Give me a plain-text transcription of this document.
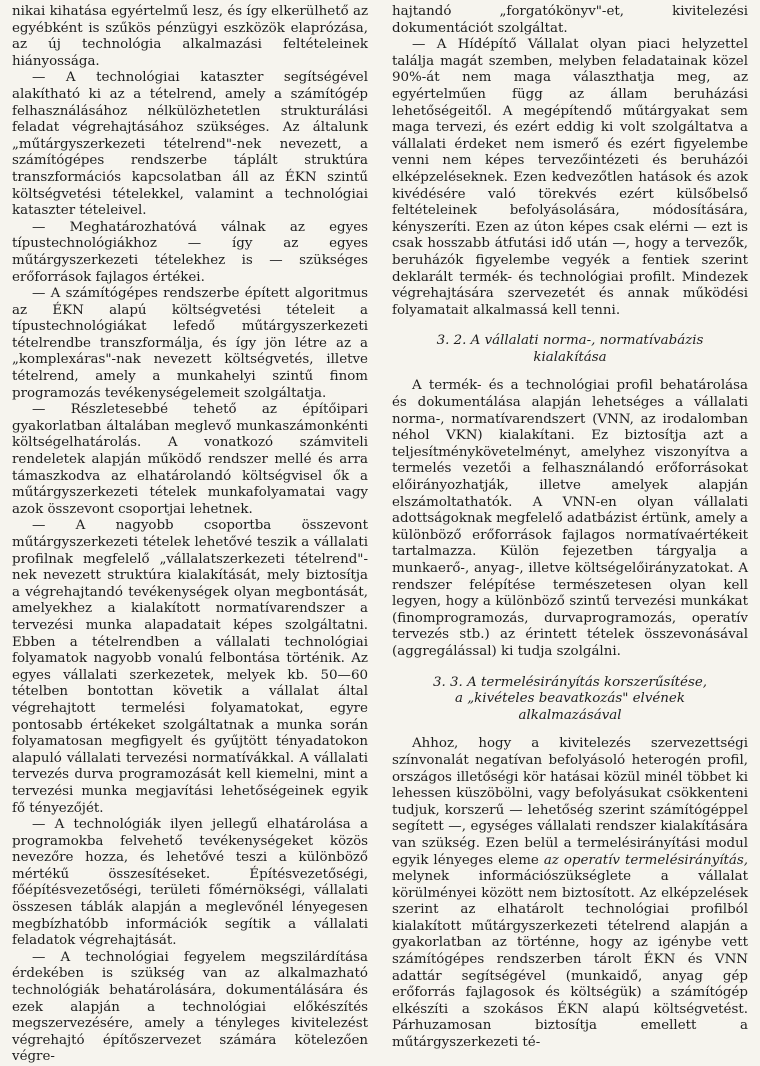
nikai kihatása egyértelmű lesz, és így elkerülhető az egyébként is szűkös pénzügyi eszközök elaprózása, az új technológia alkalmazási feltételeinek hiányossága.

— A technológiai kataszter segítségével alakítható ki az a tételrend, amely a számítógép felhasználásához nélkülözhetetlen strukturálási feladat végrehajtásához szükséges. Az általunk „műtárgyszerkezeti tételrend"-nek nevezett, a számítógépes rendszerbe táplált struktúra transzformációs kapcsolatban áll az ÉKN szintű költségvetési tételekkel, valamint a technológiai kataszter tételeivel.

— Meghatározhatóvá válnak az egyes típustechnológiákhoz — így az egyes műtárgyszerkezeti tételekhez is — szükséges erőforrások fajlagos értékei.

— A számítógépes rendszerbe épített algoritmus az ÉKN alapú költségvetési tételeit a típustechnológiákat lefedő műtárgyszerkezeti tételrendbe transzformálja, és így jön létre az a „komplexáras"-nak nevezett költségvetés, illetve tételrend, amely a munkahelyi szintű finom programozás tevékenységelemeit szolgáltatja.

— Részletesebbé tehető az építőipari gyakorlatban általában meglevő munkaszámonkénti költségelhatárolás. A vonatkozó számviteli rendeletek alapján működő rendszer mellé és arra támaszkodva az elhatárolandó költségvisel ők a műtárgyszerkezeti tételek munkafolyamatai vagy azok összevont csoportjai lehetnek.

— A nagyobb csoportba összevont műtárgyszerkezeti tételek lehetővé teszik a vállalati profilnak megfelelő „vállalatszerkezeti tételrend"-nek nevezett struktúra kialakítását, mely biztosítja a végrehajtandó tevékenységek olyan megbontását, amelyekhez a kialakított normatívarendszer a tervezési munka alapadatait képes szolgáltatni. Ebben a tételrendben a vállalati technológiai folyamatok nagyobb vonalú felbontása történik. Az egyes vállalati szerkezetek, melyek kb. 50—60 tételben bontottan követik a vállalat által végrehajtott termelési folyamatokat, egyre pontosabb értékeket szolgáltatnak a munka során folyamatosan megfigyelt és gyűjtött tényadatokon alapuló vállalati tervezési normatívákkal. A vállalati tervezés durva programozását kell kiemelni, mint a tervezési munka megjavítási lehetőségeinek egyik fő tényezőjét.

— A technológiák ilyen jellegű elhatárolása a programokba felvehető tevékenységeket közös nevezőre hozza, és lehetővé teszi a különböző mértékű összesítéseket. Építésvezetőségi, főépítésvezetőségi, területi főmérnökségi, vállalati összesen táblák alapján a meglevőnél lényegesen megbízhatóbb információk segítik a vállalati feladatok végrehajtását.

— A technológiai fegyelem megszilárdítása érdekében is szükség van az alkalmazható technológiák behatárolására, dokumentálására és ezek alapján a technológiai előkészítés megszervezésére, amely a tényleges kivitelezést végrehajtó építőszervezet számára kötelezően végre-

hajtandó „forgatókönyv"-et, kivitelezési dokumentációt szolgáltat.

— A Hídépítő Vállalat olyan piaci helyzettel találja magát szemben, melyben feladatainak közel 90%-át nem maga választhatja meg, az egyértelműen függ az állam beruházási lehetőségeitől. A megépítendő műtárgyakat sem maga tervezi, és ezért eddig ki volt szolgáltatva a vállalati érdeket nem ismerő és ezért figyelembe venni nem képes tervezőintézeti és beruházói elképzeléseknek. Ezen kedvezőtlen hatások és azok kivédésére való törekvés ezért külsőbelső feltételeinek befolyásolására, módosítására, kényszeríti. Ezen az úton képes csak elérni — ezt is csak hosszabb átfutási idő után —, hogy a tervezők, beruházók figyelembe vegyék a fentiek szerint deklarált termék- és technológiai profilt. Mindezek végrehajtására szervezetét és annak működési folyamatait alkalmassá kell tenni.

3. 2. A vállalati norma-, normatívabázis
kialakítása

A termék- és a technológiai profil behatárolása és dokumentálása alapján lehetséges a vállalati norma-, normatívarendszert (VNN, az irodalomban néhol VKN) kialakítani. Ez biztosítja azt a teljesítménykövetelményt, amelyhez viszonyítva a termelés vezetői a felhasználandó erőforrásokat előirányozhatják, illetve amelyek alapján elszámoltathatók. A VNN-en olyan vállalati adottságoknak megfelelő adatbázist értünk, amely a különböző erőforrások fajlagos normatívaértékeit tartalmazza. Külön fejezetben tárgyalja a munkaerő-, anyag-, illetve költségelőirányzatokat. A rendszer felépítése természetesen olyan kell legyen, hogy a különböző szintű tervezési munkákat (finomprogramozás, durvaprogramozás, operatív tervezés stb.) az érintett tételek összevonásával (aggregálással) ki tudja szolgálni.

3. 3. A termelésirányítás korszerűsítése,
a „kivételes beavatkozás" elvének
alkalmazásával

Ahhoz, hogy a kivitelezés szervezettségi színvonalát negatívan befolyásoló heterogén profil, országos illetőségi kör hatásai közül minél többet ki lehessen küszöbölni, vagy befolyásukat csökkenteni tudjuk, korszerű — lehetőség szerint számítógéppel segített —, egységes vállalati rendszer kialakítására van szükség. Ezen belül a termelésirányítási modul egyik lényeges eleme az operatív termelésirányítás, melynek információszükséglete a vállalat körülményei között nem biztosított. Az elképzelések szerint az elhatárolt technológiai profilból kialakított műtárgyszerkezeti tételrend alapján a gyakorlatban az történne, hogy az igénybe vett számítógépes rendszerben tárolt ÉKN és VNN adattár segítségével (munkaidő, anyag gép erőforrás fajlagosok és költségük) a számítógép elkészíti a szokásos ÉKN alapú költségvetést. Párhuzamosan biztosítja emellett a műtárgyszerkezeti té-
